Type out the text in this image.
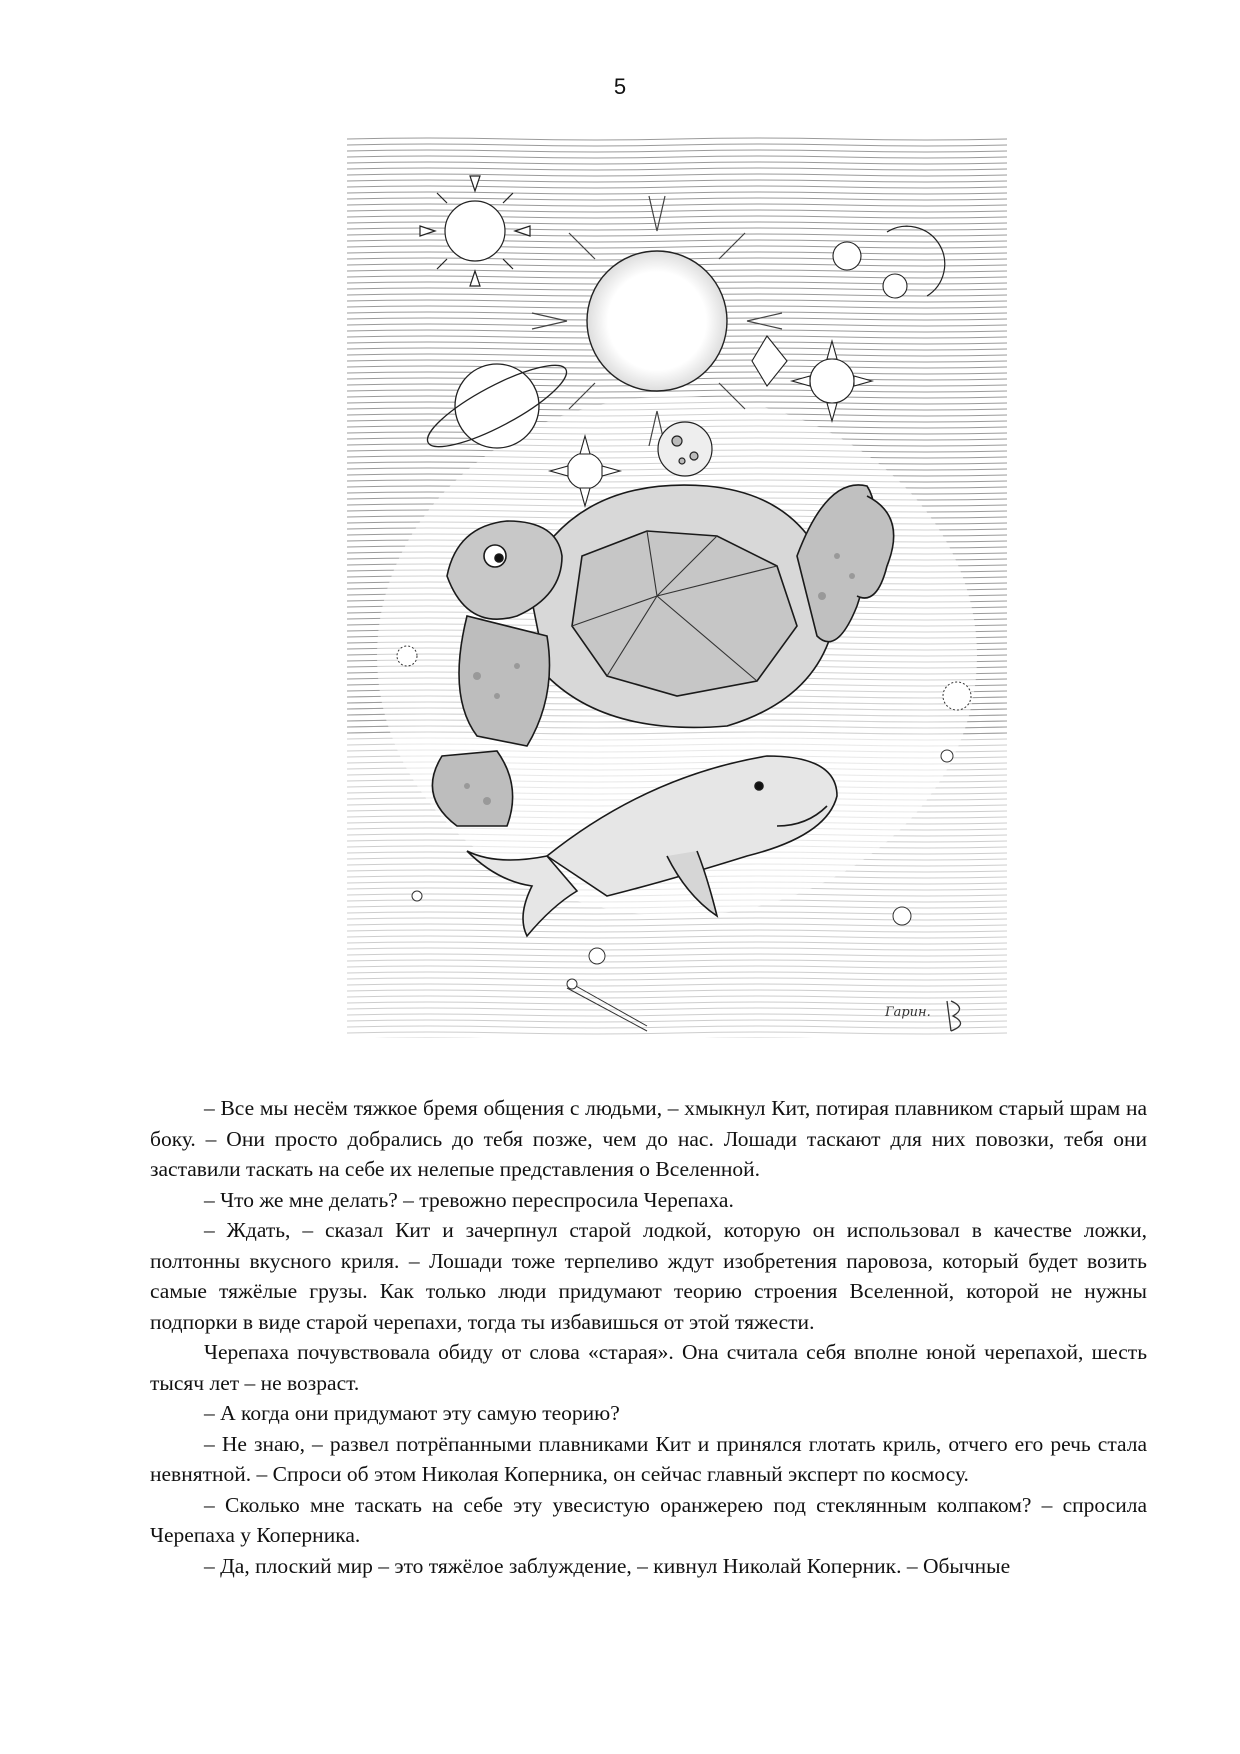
5
Гарин.

– Все мы несём тяжкое бремя общения с людьми, – хмыкнул Кит, потирая плавником старый шрам на боку. – Они просто добрались до тебя позже, чем до нас. Лошади таскают для них повозки, тебя они заставили таскать на себе их нелепые представления о Вселенной.

– Что же мне делать? – тревожно переспросила Черепаха.

– Ждать, – сказал Кит и зачерпнул старой лодкой, которую он использовал в качестве ложки, полтонны вкусного криля. – Лошади тоже терпеливо ждут изобретения паровоза, который будет возить самые тяжёлые грузы. Как только люди придумают теорию строения Вселенной, которой не нужны подпорки в виде старой черепахи, тогда ты избавишься от этой тяжести.

Черепаха почувствовала обиду от слова «старая». Она считала себя вполне юной черепахой, шесть тысяч лет – не возраст.

– А когда они придумают эту самую теорию?

– Не знаю, – развел потрёпанными плавниками Кит и принялся глотать криль, отчего его речь стала невнятной. – Спроси об этом Николая Коперника, он сейчас главный эксперт по космосу.

– Сколько мне таскать на себе эту увесистую оранжерею под стеклянным колпаком? – спросила Черепаха у Коперника.

– Да, плоский мир – это тяжёлое заблуждение, – кивнул Николай Коперник. – Обычные
